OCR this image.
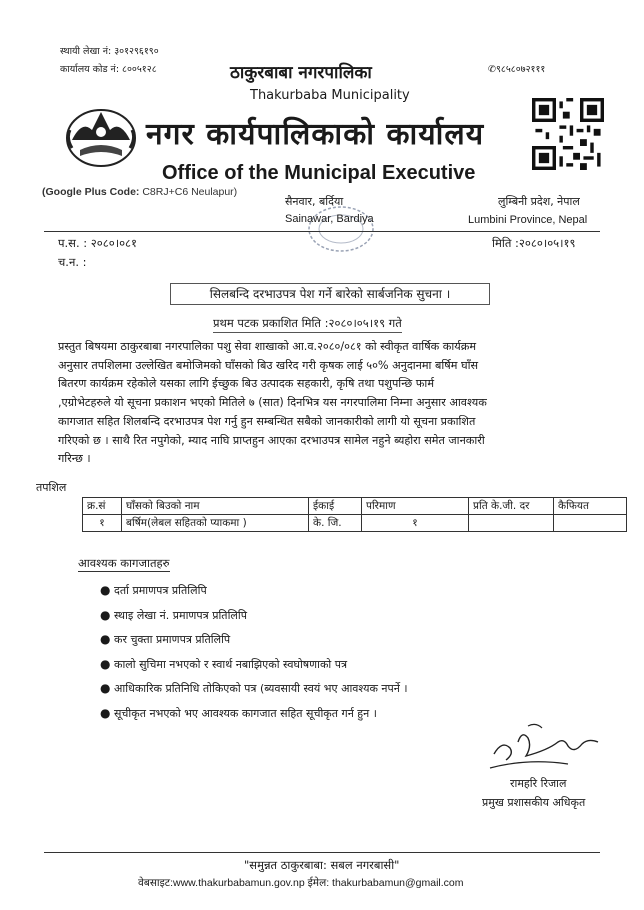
स्थायी लेखा नं: ३०१२९६१९०
कार्यालय कोड नं: ८००५१२८	✆९८५८०७२१११
ठाकुरबाबा नगरपालिका
Thakurbaba Municipality
नगर कार्यपालिकाको कार्यालय
Office of the Municipal Executive
(Google Plus Code: C8RJ+C6 Neulapur)
सैनवार, बर्दिया
Sainawar, Bardiya
लुम्बिनी प्रदेश, नेपाल
Lumbini Province, Nepal
प.स. : २०८०।०८१
च.न. :
मिति :२०८०।०५।१९
सिलबन्दि दरभाउपत्र पेश गर्ने बारेको सार्बजनिक सुचना ।
प्रथम पटक प्रकाशित मिति :२०८०।०५।१९ गते
प्रस्तुत बिषयमा ठाकुरबाबा नगरपालिका पशु सेवा शाखाको आ.व.२०८०/०८१ को स्वीकृत वार्षिक कार्यक्रम
अनुसार तपशिलमा उल्लेखित बमोजिमको घाँसको बिउ खरिद गरी कृषक लाई ५०% अनुदानमा बर्षिम घाँस
बितरण कार्यक्रम रहेकोले यसका लागि ईच्छुक बिउ उत्पादक सहकारी, कृषि तथा पशुपन्छि फार्म
,एग्रोभेटहरुले यो सूचना प्रकाशन भएको मितिले ७ (सात) दिनभित्र यस नगरपालिमा निम्ना अनुसार आवश्यक
कागजात सहित शिलबन्दि दरभाउपत्र पेश गर्नु हुन सम्बन्धित सबैको जानकारीको लागी यो सूचना प्रकाशित
गरिएको छ । साथै रित नपुगेको, म्याद नाघि प्राप्तहुन आएका दरभाउपत्र सामेल नहुने ब्यहोरा समेत जानकारी
गरिन्छ ।
तपशिल
क्र.सं	घाँसको बिउको नाम	ईकाई	परिमाण	प्रति के.जी. दर	कैफियत
१	बर्षिम(लेबल सहितको प्याकमा )	के. जि.	१		
आवश्यक कागजातहरु
● दर्ता प्रमाणपत्र प्रतिलिपि
● स्थाइ लेखा नं. प्रमाणपत्र प्रतिलिपि
● कर चुक्ता प्रमाणपत्र प्रतिलिपि
● कालो सुचिमा नभएको र स्वार्थ नबाझिएको स्वघोषणाको पत्र
● आधिकारिक प्रतिनिधि तोकिएको पत्र (ब्यवसायी स्वयं भए आवश्यक नपर्ने ।
● सूचीकृत नभएको भए आवश्यक कागजात सहित सूचीकृत गर्न हुन ।
रामहरि रिजाल
प्रमुख प्रशासकीय अधिकृत
"समुन्नत ठाकुरबाबा: सबल नगरबासी"
वेबसाइट:www.thakurbabamun.gov.np ईमेल: thakurbabamun@gmail.com
